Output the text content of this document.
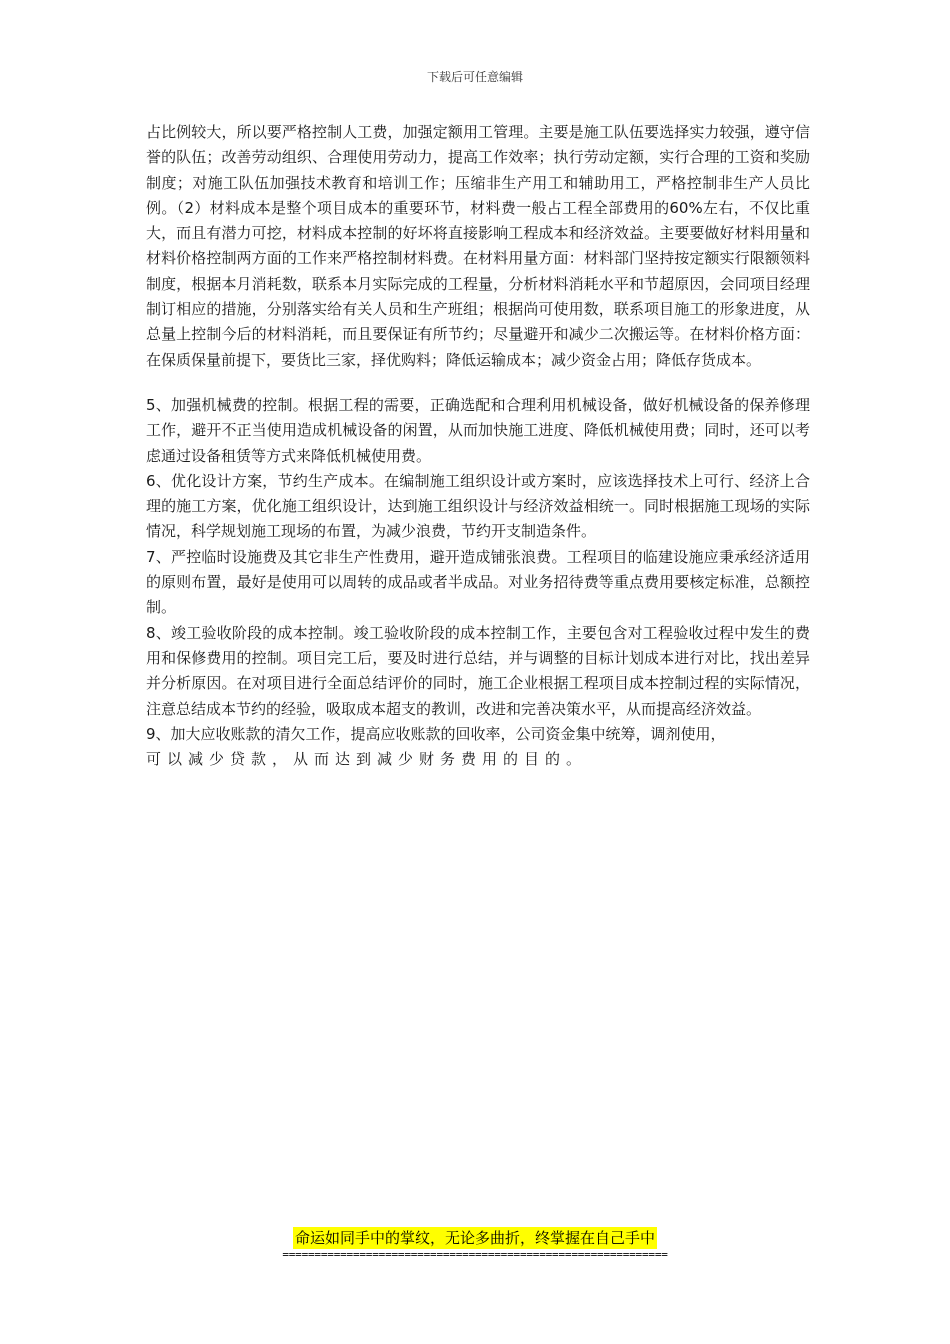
下载后可任意编辑

占比例较大，所以要严格控制人工费，加强定额用工管理。主要是施工队伍要选择实力较强，遵守信誉的队伍；改善劳动组织、合理使用劳动力，提高工作效率；执行劳动定额，实行合理的工资和奖励制度；对施工队伍加强技术教育和培训工作；压缩非生产用工和辅助用工，严格控制非生产人员比例。（2）材料成本是整个项目成本的重要环节，材料费一般占工程全部费用的60%左右，不仅比重大，而且有潜力可挖，材料成本控制的好坏将直接影响工程成本和经济效益。主要要做好材料用量和材料价格控制两方面的工作来严格控制材料费。在材料用量方面：材料部门坚持按定额实行限额领料制度，根据本月消耗数，联系本月实际完成的工程量，分析材料消耗水平和节超原因，会同项目经理制订相应的措施，分别落实给有关人员和生产班组；根据尚可使用数，联系项目施工的形象进度，从总量上控制今后的材料消耗，而且要保证有所节约；尽量避开和减少二次搬运等。在材料价格方面：在保质保量前提下，要货比三家，择优购料；降低运输成本；减少资金占用；降低存货成本。

5、加强机械费的控制。根据工程的需要，正确选配和合理利用机械设备，做好机械设备的保养修理工作，避开不正当使用造成机械设备的闲置，从而加快施工进度、降低机械使用费；同时，还可以考虑通过设备租赁等方式来降低机械使用费。

6、优化设计方案，节约生产成本。在编制施工组织设计或方案时，应该选择技术上可行、经济上合理的施工方案，优化施工组织设计，达到施工组织设计与经济效益相统一。同时根据施工现场的实际情况，科学规划施工现场的布置，为减少浪费，节约开支制造条件。

7、严控临时设施费及其它非生产性费用，避开造成铺张浪费。工程项目的临建设施应秉承经济适用的原则布置，最好是使用可以周转的成品或者半成品。对业务招待费等重点费用要核定标准，总额控制。

8、竣工验收阶段的成本控制。竣工验收阶段的成本控制工作，主要包含对工程验收过程中发生的费用和保修费用的控制。项目完工后，要及时进行总结，并与调整的目标计划成本进行对比，找出差异并分析原因。在对项目进行全面总结评价的同时，施工企业根据工程项目成本控制过程的实际情况，注意总结成本节约的经验，吸取成本超支的教训，改进和完善决策水平，从而提高经济效益。

9、加大应收账款的清欠工作，提高应收账款的回收率，公司资金集中统筹，调剂使用，

可以减少贷款，从而达到减少财务费用的目的。

命运如同手中的掌纹，无论多曲折，终掌握在自己手中
============================================================
